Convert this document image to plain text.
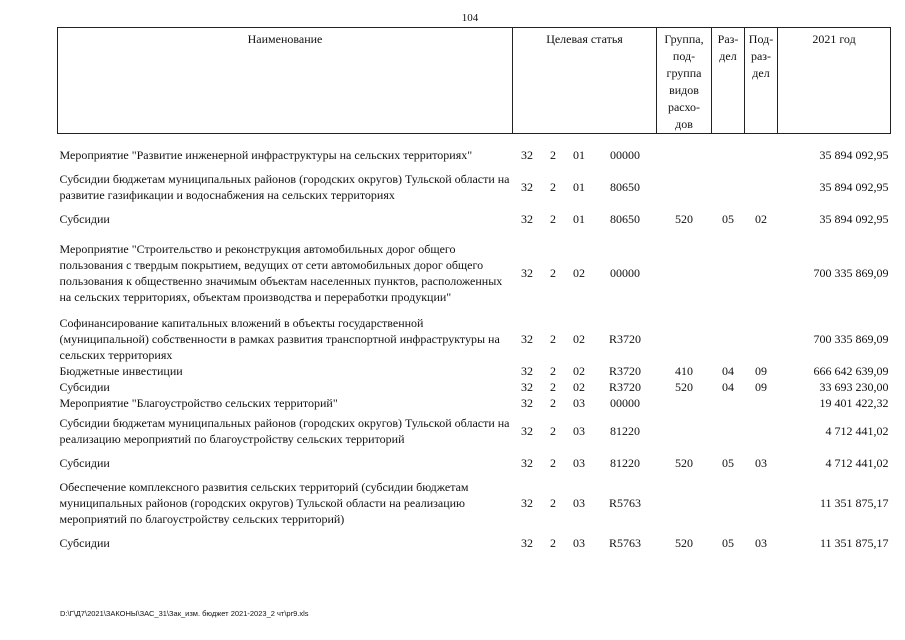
104
Наименование	Целевая статья				Группа, под- группа видов расхо- дов	Раз- дел	Под- раз- дел	2021 год
Мероприятие "Развитие инженерной инфраструктуры на сельских территориях"	32	2	01	00000				35 894 092,95
Субсидии бюджетам муниципальных районов (городских округов) Тульской области на развитие газификации и водоснабжения на сельских территориях	32	2	01	80650				35 894 092,95
Субсидии	32	2	01	80650	520	05	02	35 894 092,95
Мероприятие "Строительство и реконструкция автомобильных дорог общего пользования с твердым покрытием, ведущих от сети автомобильных дорог общего пользования к общественно значимым объектам населенных пунктов, расположенных на сельских территориях, объектам производства и переработки продукции"	32	2	02	00000				700 335 869,09
Софинансирование капитальных вложений в объекты государственной (муниципальной) собственности в рамках развития транспортной инфраструктуры на сельских территориях	32	2	02	R3720				700 335 869,09
Бюджетные инвестиции	32	2	02	R3720	410	04	09	666 642 639,09
Субсидии	32	2	02	R3720	520	04	09	33 693 230,00
Мероприятие "Благоустройство сельских территорий"	32	2	03	00000				19 401 422,32
Субсидии бюджетам муниципальных районов (городских округов) Тульской области на реализацию мероприятий по благоустройству сельских территорий	32	2	03	81220				4 712 441,02
Субсидии	32	2	03	81220	520	05	03	4 712 441,02
Обеспечение комплексного развития сельских территорий (субсидии бюджетам муниципальных районов (городских округов) Тульской области на реализацию мероприятий по благоустройству сельских территорий)	32	2	03	R5763				11 351 875,17
Субсидии	32	2	03	R5763	520	05	03	11 351 875,17
D:\Г\Д7\2021\ЗАКОНЫ\ЗАС_31\Зак_изм. бюджет 2021-2023_2 чт\pr9.xls
